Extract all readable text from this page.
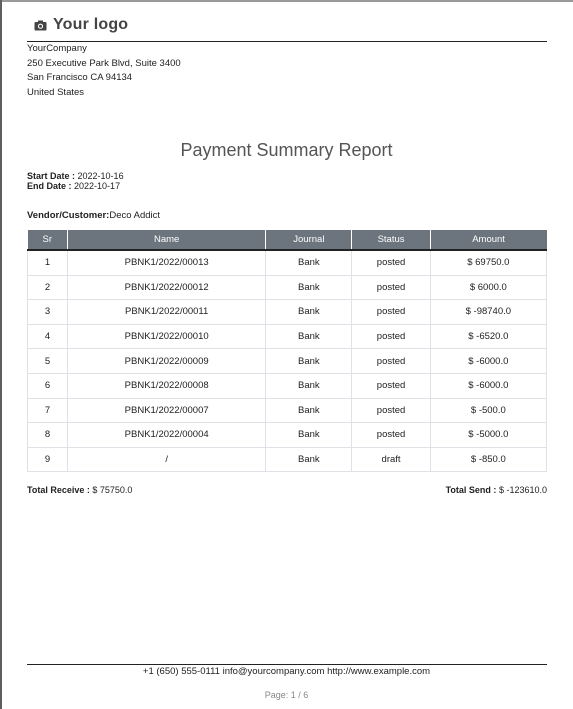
Your logo
YourCompany
250 Executive Park Blvd, Suite 3400
San Francisco CA 94134
United States
Payment Summary Report
Start Date : 2022-10-16
End Date : 2022-10-17
Vendor/Customer:Deco Addict
Sr	Name	Journal	Status	Amount
1	PBNK1/2022/00013	Bank	posted	$ 69750.0
2	PBNK1/2022/00012	Bank	posted	$ 6000.0
3	PBNK1/2022/00011	Bank	posted	$ -98740.0
4	PBNK1/2022/00010	Bank	posted	$ -6520.0
5	PBNK1/2022/00009	Bank	posted	$ -6000.0
6	PBNK1/2022/00008	Bank	posted	$ -6000.0
7	PBNK1/2022/00007	Bank	posted	$ -500.0
8	PBNK1/2022/00004	Bank	posted	$ -5000.0
9	/	Bank	draft	$ -850.0
Total Receive : $ 75750.0	Total Send : $ -123610.0
+1 (650) 555-0111 info@yourcompany.com http://www.example.com
Page: 1 / 6
